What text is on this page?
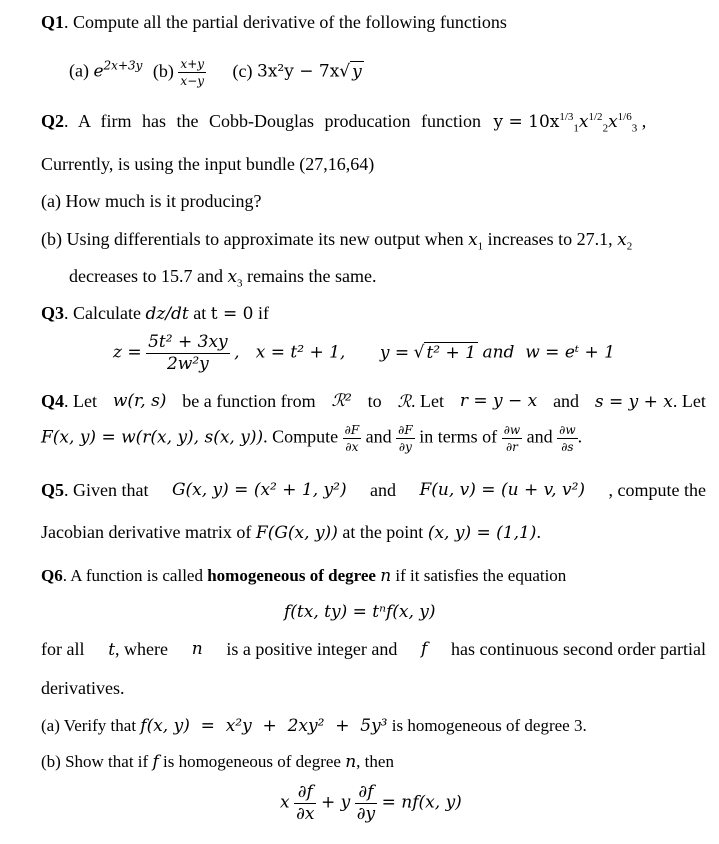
Q1. Compute all the partial derivative of the following functions
(a) $e^{2x+3y}$ $(b) \frac{x+y}{x-y} (c) 3x^2y - 7x√$ y
Q2. A firm has the Cobb-Douglas producation function $y = 10x^{1/3}_1x^{1/2}_2x^{1/6}_3$ ,
Currently, is using the input bundle (27,16,64)
(a) How much is it producing?
(b) Using differentials to approximate its new output when $x_1$ increases to 27.1, $x_2$
decreases to 15.7 and $x_3$ remains the same.
Q3. Calculate dz/dt at t = 0 if
$z = \frac{\text{5t² + 3xy}}{\text{2w²y}}$ ,   x = t² + 1, y = √ t² + 1 and  w = eᵗ + 1
Q4. Let w(r, s) be a function from ℛ² to ℛ. Let r = y − x and s = y + x. Let
F(x, y) = w(r(x, y), s(x, y)). Compute $\frac{\partial F}{\partial x}$ and $\frac{\partial F}{\partial y}$ in terms of $\frac{\partial w}{\partial r}$ and $\frac{\partial w}{\partial s}$ .
Q5. Given that G(x, y) = (x² + 1, y²) and F(u, v) = (u + v, v²) , compute the
Jacobian derivative matrix of F(G(x, y)) at the point (x, y) = (1,1).
Q6. A function is called homogeneous of degree n if it satisfies the equation
f(tx, ty) = tⁿf(x, y)
for all t, where n is a positive integer and f has continuous second order partial
derivatives.
(a) Verify that f(x, y)  =  x²y  +  2xy²  +  5y³ is homogeneous of degree 3.
(b) Show that if f is homogeneous of degree n, then
x $\frac{\partial f}{\partial x} + y \frac{\partial f}{\partial y} = nf(x$, y)
